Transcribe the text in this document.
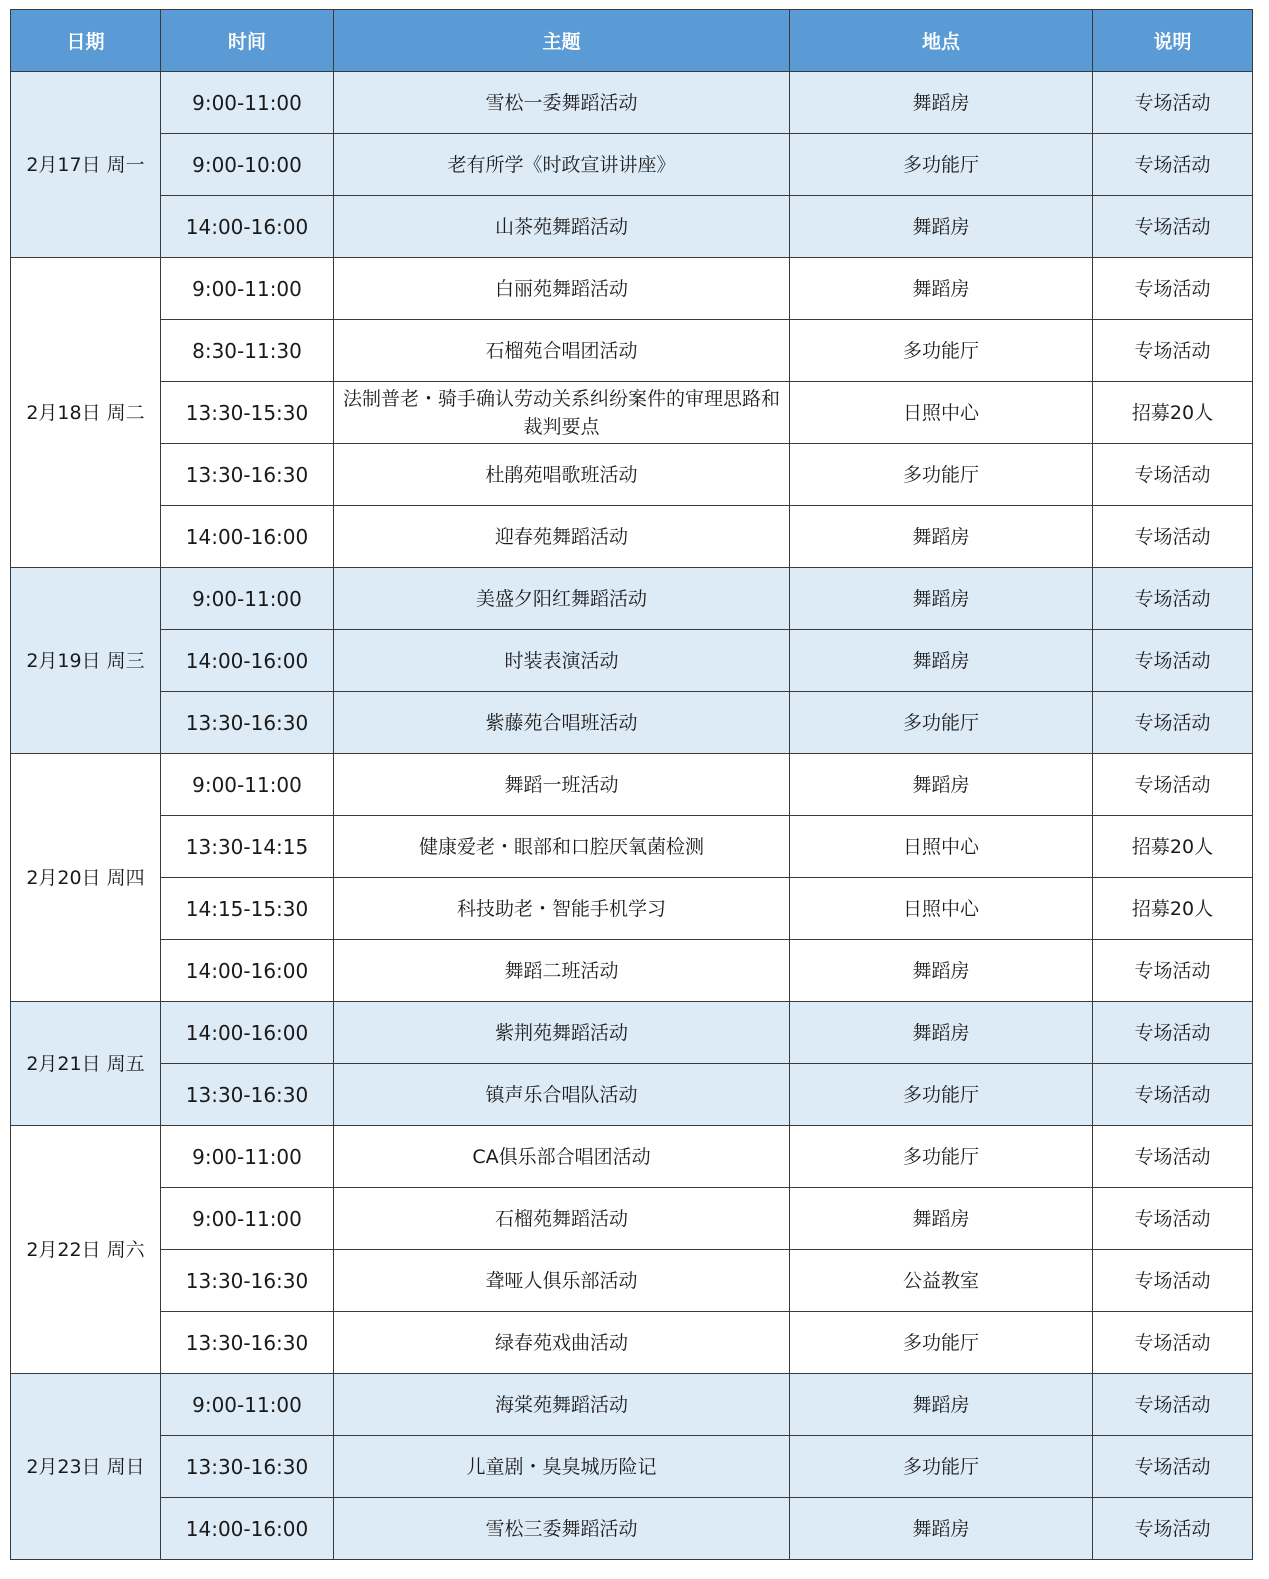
日期	时间	主题	地点	说明
2月17日 周一	9:00-11:00	雪松一委舞蹈活动	舞蹈房	专场活动
	9:00-10:00	老有所学《时政宣讲讲座》	多功能厅	专场活动
	14:00-16:00	山茶苑舞蹈活动	舞蹈房	专场活动
2月18日 周二	9:00-11:00	白丽苑舞蹈活动	舞蹈房	专场活动
	8:30-11:30	石榴苑合唱团活动	多功能厅	专场活动
	13:30-15:30	法制普老・骑手确认劳动关系纠纷案件的审理思路和裁判要点	日照中心	招募20人
	13:30-16:30	杜鹃苑唱歌班活动	多功能厅	专场活动
	14:00-16:00	迎春苑舞蹈活动	舞蹈房	专场活动
2月19日 周三	9:00-11:00	美盛夕阳红舞蹈活动	舞蹈房	专场活动
	14:00-16:00	时装表演活动	舞蹈房	专场活动
	13:30-16:30	紫藤苑合唱班活动	多功能厅	专场活动
2月20日 周四	9:00-11:00	舞蹈一班活动	舞蹈房	专场活动
	13:30-14:15	健康爱老・眼部和口腔厌氧菌检测	日照中心	招募20人
	14:15-15:30	科技助老・智能手机学习	日照中心	招募20人
	14:00-16:00	舞蹈二班活动	舞蹈房	专场活动
2月21日 周五	14:00-16:00	紫荆苑舞蹈活动	舞蹈房	专场活动
	13:30-16:30	镇声乐合唱队活动	多功能厅	专场活动
2月22日 周六	9:00-11:00	CA俱乐部合唱团活动	多功能厅	专场活动
	9:00-11:00	石榴苑舞蹈活动	舞蹈房	专场活动
	13:30-16:30	聋哑人俱乐部活动	公益教室	专场活动
	13:30-16:30	绿春苑戏曲活动	多功能厅	专场活动
2月23日 周日	9:00-11:00	海棠苑舞蹈活动	舞蹈房	专场活动
	13:30-16:30	儿童剧・臭臭城历险记	多功能厅	专场活动
	14:00-16:00	雪松三委舞蹈活动	舞蹈房	专场活动
